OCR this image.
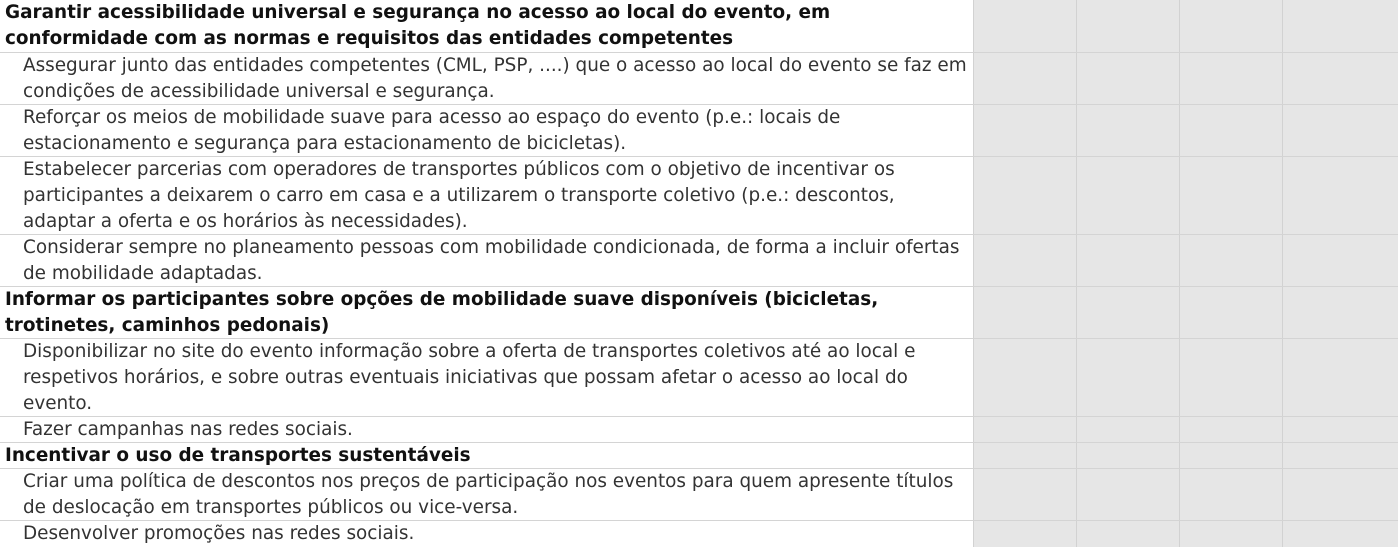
Garantir acessibilidade universal e segurança no acesso ao local do evento, em conformidade com as normas e requisitos das entidades competentes
Assegurar junto das entidades competentes (CML, PSP, ....) que o acesso ao local do evento se faz em condições de acessibilidade universal e segurança.
Reforçar os meios de mobilidade suave para acesso ao espaço do evento (p.e.: locais de estacionamento e segurança para estacionamento de bicicletas).
Estabelecer parcerias com operadores de transportes públicos com o objetivo de incentivar os participantes a deixarem o carro em casa e a utilizarem o transporte coletivo (p.e.: descontos, adaptar a oferta e os horários às necessidades).
Considerar sempre no planeamento pessoas com mobilidade condicionada, de forma a incluir ofertas de mobilidade adaptadas.
Informar os participantes sobre opções de mobilidade suave disponíveis (bicicletas, trotinetes, caminhos pedonais)
Disponibilizar no site do evento informação sobre a oferta de transportes coletivos até ao local e respetivos horários, e sobre outras eventuais iniciativas que possam afetar o acesso ao local do evento.
Fazer campanhas nas redes sociais.
Incentivar o uso de transportes sustentáveis
Criar uma política de descontos nos preços de participação nos eventos para quem apresente títulos de deslocação em transportes públicos ou vice-versa.
Desenvolver promoções nas redes sociais.
